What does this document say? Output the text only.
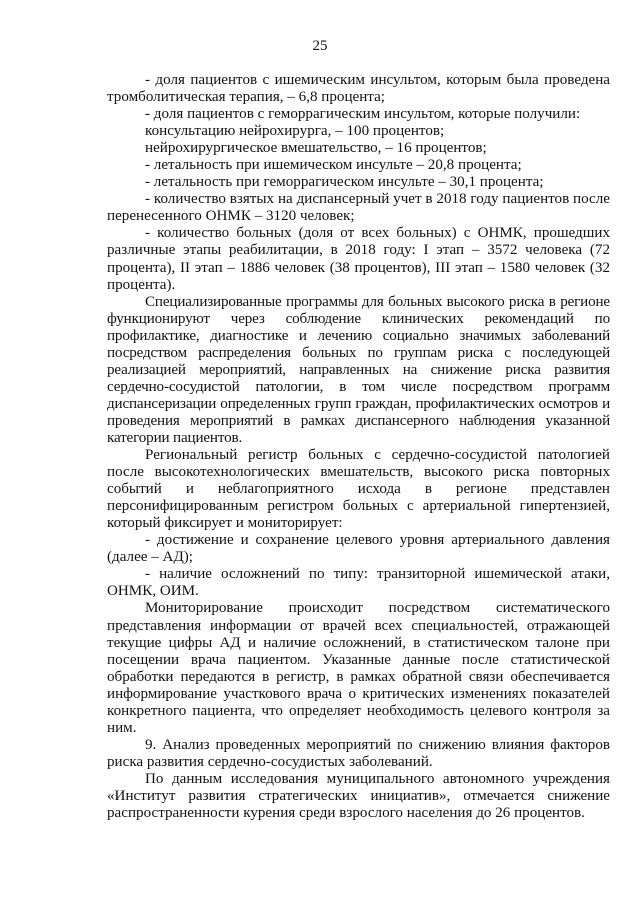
25

- доля пациентов с ишемическим инсультом, которым была проведена тромболитическая терапия, – 6,8 процента;

- доля пациентов с геморрагическим инсультом, которые получили:

консультацию нейрохирурга, – 100 процентов;

нейрохирургическое вмешательство, – 16 процентов;

- летальность при ишемическом инсульте – 20,8 процента;

- летальность при геморрагическом инсульте – 30,1 процента;

- количество взятых на диспансерный учет в 2018 году пациентов после перенесенного ОНМК – 3120 человек;

- количество больных (доля от всех больных) с ОНМК, прошедших различные этапы реабилитации, в 2018 году: I этап – 3572 человека (72 процента), II этап – 1886 человек (38 процентов), III этап – 1580 человек (32 процента).

Специализированные программы для больных высокого риска в регионе функционируют через соблюдение клинических рекомендаций по профилактике, диагностике и лечению социально значимых заболеваний посредством распределения больных по группам риска с последующей реализацией мероприятий, направленных на снижение риска развития сердечно-сосудистой патологии, в том числе посредством программ диспансеризации определенных групп граждан, профилактических осмотров и проведения мероприятий в рамках диспансерного наблюдения указанной категории пациентов.

Региональный регистр больных с сердечно-сосудистой патологией после высокотехнологических вмешательств, высокого риска повторных событий и неблагоприятного исхода в регионе представлен персонифицированным регистром больных с артериальной гипертензией, который фиксирует и мониторирует:

- достижение и сохранение целевого уровня артериального давления (далее – АД);

- наличие осложнений по типу: транзиторной ишемической атаки, ОНМК, ОИМ.

Мониторирование происходит посредством систематического представления информации от врачей всех специальностей, отражающей текущие цифры АД и наличие осложнений, в статистическом талоне при посещении врача пациентом. Указанные данные после статистической обработки передаются в регистр, в рамках обратной связи обеспечивается информирование участкового врача о критических изменениях показателей конкретного пациента, что определяет необходимость целевого контроля за ним.

9. Анализ проведенных мероприятий по снижению влияния факторов риска развития сердечно-сосудистых заболеваний.

По данным исследования муниципального автономного учреждения «Институт развития стратегических инициатив», отмечается снижение распространенности курения среди взрослого населения до 26 процентов.
